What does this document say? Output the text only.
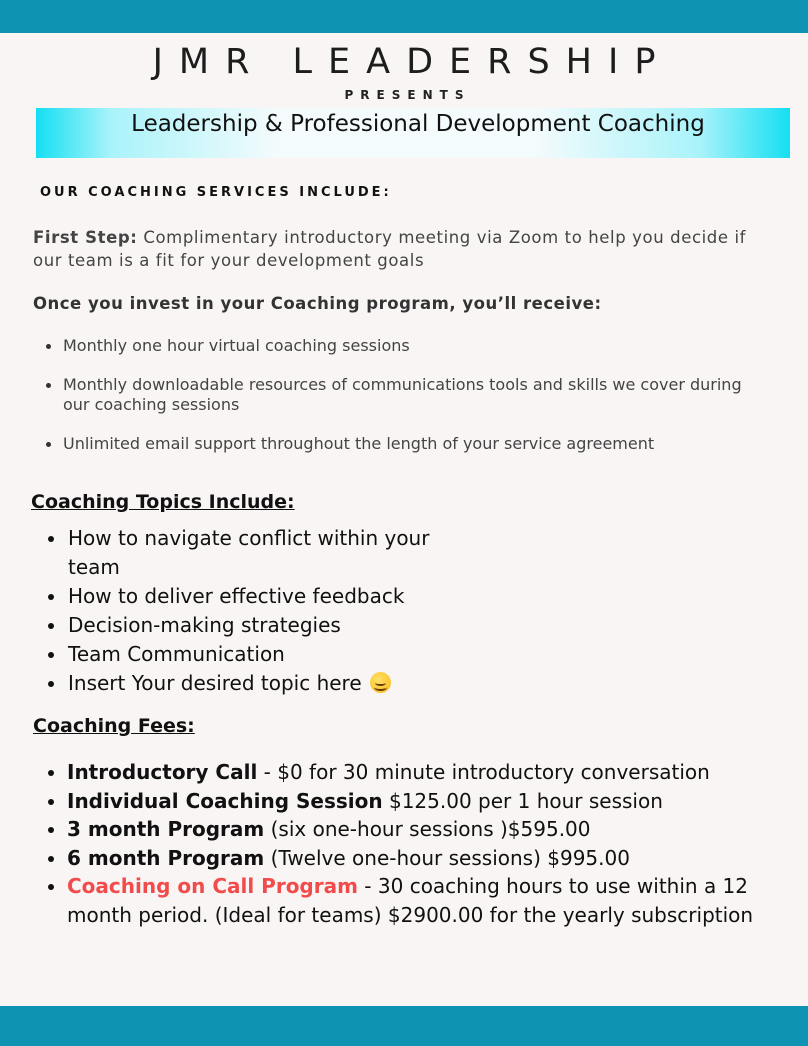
JMR LEADERSHIP
PRESENTS
Leadership & Professional Development Coaching
OUR COACHING SERVICES INCLUDE:
First Step: Complimentary introductory meeting via Zoom to help you decide if our team is a fit for your development goals
Once you invest in your Coaching program, you’ll receive:
Monthly one hour virtual coaching sessions
Monthly downloadable resources of communications tools and skills we cover during our coaching sessions
Unlimited email support throughout the length of your service agreement
Coaching Topics Include:
How to navigate conflict within your team
How to deliver effective feedback
Decision-making strategies
Team Communication
Insert Your desired topic here
Coaching Fees:
Introductory Call - $0 for 30 minute introductory conversation
Individual Coaching Session $125.00 per 1 hour session
3 month Program (six one-hour sessions )$595.00
6 month Program (Twelve one-hour sessions) $995.00
Coaching on Call Program - 30 coaching hours to use within a 12 month period. (Ideal for teams) $2900.00 for the yearly subscription
